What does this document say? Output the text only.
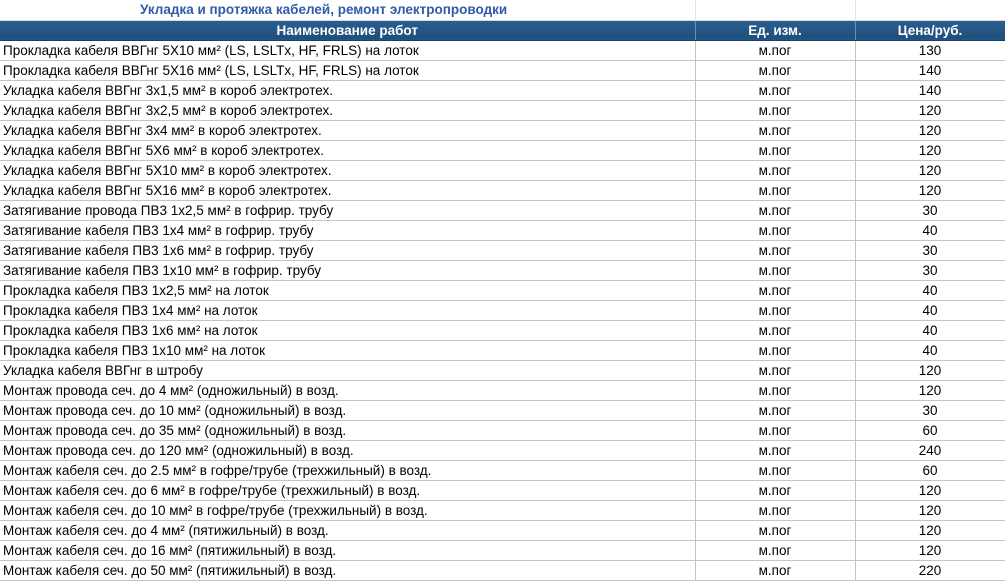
Укладка и протяжка кабелей, ремонт электропроводки		
Наименование работ	Ед. изм.	Цена/руб.
Прокладка кабеля ВВГнг 5Х10 мм² (LS, LSLTx, HF, FRLS) на лоток	м.пог	130
Прокладка кабеля ВВГнг 5Х16 мм² (LS, LSLTx, HF, FRLS) на лоток	м.пог	140
Укладка кабеля ВВГнг 3х1,5 мм² в короб электротех.	м.пог	140
Укладка кабеля ВВГнг 3х2,5 мм² в короб электротех.	м.пог	120
Укладка кабеля ВВГнг 3х4 мм² в короб электротех.	м.пог	120
Укладка кабеля ВВГнг 5Х6 мм² в короб электротех.	м.пог	120
Укладка кабеля ВВГнг 5Х10 мм² в короб электротех.	м.пог	120
Укладка кабеля ВВГнг 5Х16 мм² в короб электротех.	м.пог	120
Затягивание провода ПВ3 1х2,5 мм² в гофрир. трубу	м.пог	30
Затягивание кабеля ПВ3 1х4 мм² в гофрир. трубу	м.пог	40
Затягивание кабеля ПВ3 1х6 мм² в гофрир. трубу	м.пог	30
Затягивание кабеля ПВ3 1х10 мм² в гофрир. трубу	м.пог	30
Прокладка кабеля ПВ3 1х2,5 мм² на лоток	м.пог	40
Прокладка кабеля ПВ3 1х4 мм² на лоток	м.пог	40
Прокладка кабеля ПВ3 1х6 мм² на лоток	м.пог	40
Прокладка кабеля ПВ3 1х10 мм² на лоток	м.пог	40
Укладка кабеля ВВГнг в штробу	м.пог	120
Монтаж провода сеч. до 4 мм² (одножильный) в возд.	м.пог	120
Монтаж провода сеч. до 10 мм² (одножильный) в возд.	м.пог	30
Монтаж провода сеч. до 35 мм² (одножильный) в возд.	м.пог	60
Монтаж провода сеч. до 120 мм² (одножильный) в возд.	м.пог	240
Монтаж кабеля сеч. до 2.5 мм² в гофре/трубе (трехжильный) в возд.	м.пог	60
Монтаж кабеля сеч. до 6 мм² в гофре/трубе (трехжильный) в возд.	м.пог	120
Монтаж кабеля сеч. до 10 мм² в гофре/трубе (трехжильный) в возд.	м.пог	120
Монтаж кабеля сеч. до 4 мм² (пятижильный) в возд.	м.пог	120
Монтаж кабеля сеч. до 16 мм² (пятижильный) в возд.	м.пог	120
Монтаж кабеля сеч. до 50 мм² (пятижильный) в возд.	м.пог	220
